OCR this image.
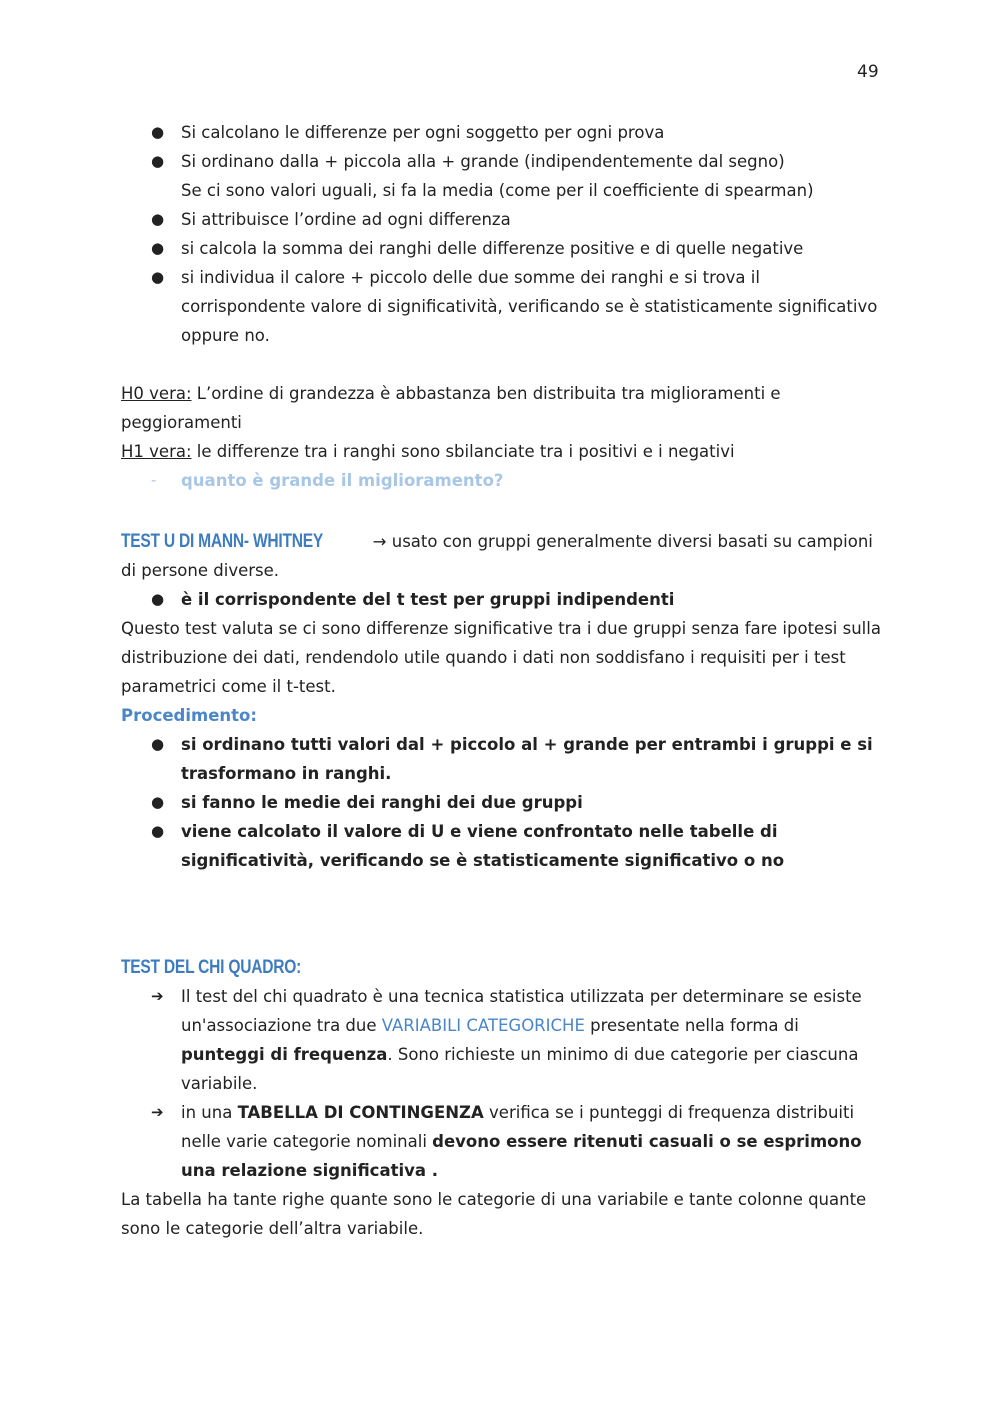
49
●	Si calcolano le differenze per ogni soggetto per ogni prova
●	Si ordinano dalla + piccola alla + grande (indipendentemente dal segno)
Se ci sono valori uguali, si fa la media (come per il coefficiente di spearman)
●	Si attribuisce l’ordine ad ogni differenza
●	si calcola la somma dei ranghi delle differenze positive e di quelle negative
●	si individua il calore + piccolo delle due somme dei ranghi e si trova il corrispondente valore di significatività, verificando se è statisticamente significativo oppure no.

H0 vera: L’ordine di grandezza è abbastanza ben distribuita tra miglioramenti e peggioramenti

H1 vera: le differenze tra i ranghi sono sbilanciate tra i positivi e i negativi

-	quanto è grande il miglioramento?

TEST U DI MANN- WHITNEY	→ usato con gruppi generalmente diversi basati su campioni di persone diverse.

●	è il corrispondente del t test per gruppi indipendenti

Questo test valuta se ci sono differenze significative tra i due gruppi senza fare ipotesi sulla distribuzione dei dati, rendendolo utile quando i dati non soddisfano i requisiti per i test parametrici come il t-test.

Procedimento:

●	si ordinano tutti valori dal + piccolo al + grande per entrambi i gruppi e si trasformano in ranghi.
●	si fanno le medie dei ranghi dei due gruppi
●	viene calcolato il valore di U e viene confrontato nelle tabelle di significatività, verificando se è statisticamente significativo o no

TEST DEL CHI QUADRO:

➔	Il test del chi quadrato è una tecnica statistica utilizzata per determinare se esiste un'associazione tra due VARIABILI CATEGORICHE presentate nella forma di punteggi di frequenza. Sono richieste un minimo di due categorie per ciascuna variabile.
➔	in una TABELLA DI CONTINGENZA verifica se i punteggi di frequenza distribuiti nelle varie categorie nominali devono essere ritenuti casuali o se esprimono una relazione significativa .

La tabella ha tante righe quante sono le categorie di una variabile e tante colonne quante sono le categorie dell’altra variabile.
